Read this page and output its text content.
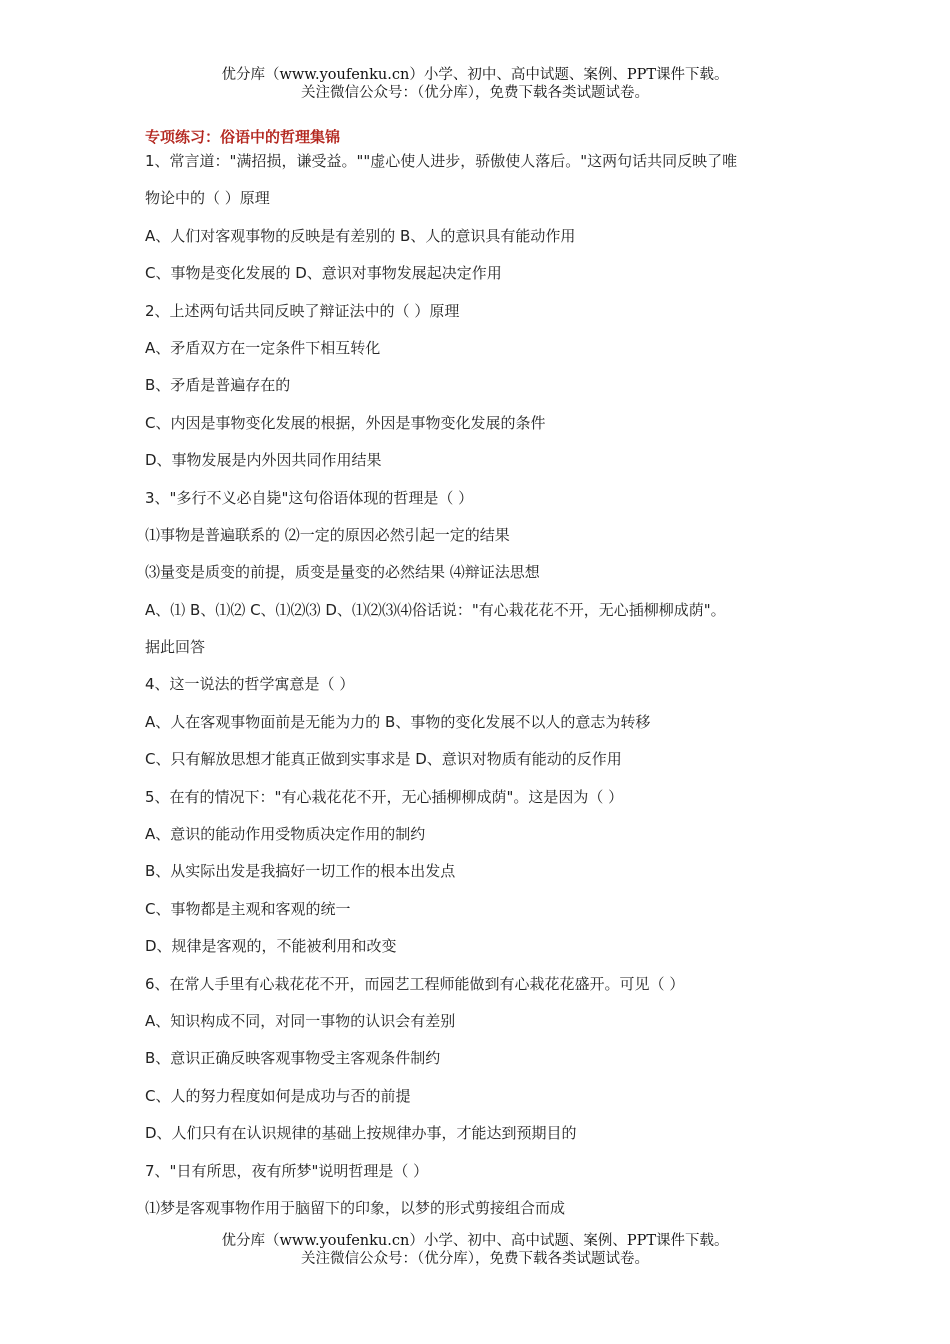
优分库（www.youfenku.cn）小学、初中、高中试题、案例、PPT课件下载。
关注微信公众号：（优分库），免费下载各类试题试卷。
专项练习：俗语中的哲理集锦
1、常言道："满招损，谦受益。""虚心使人进步，骄傲使人落后。"这两句话共同反映了唯
物论中的（ ）原理
A、人们对客观事物的反映是有差别的 B、人的意识具有能动作用
C、事物是变化发展的 D、意识对事物发展起决定作用
2、上述两句话共同反映了辩证法中的（ ）原理
A、矛盾双方在一定条件下相互转化
B、矛盾是普遍存在的
C、内因是事物变化发展的根据，外因是事物变化发展的条件
D、事物发展是内外因共同作用结果
3、"多行不义必自毙"这句俗语体现的哲理是（ ）
⑴事物是普遍联系的 ⑵一定的原因必然引起一定的结果
⑶量变是质变的前提，质变是量变的必然结果 ⑷辩证法思想
A、⑴ B、⑴⑵ C、⑴⑵⑶ D、⑴⑵⑶⑷俗话说："有心栽花花不开，无心插柳柳成荫"。
据此回答
4、这一说法的哲学寓意是（ ）
A、人在客观事物面前是无能为力的 B、事物的变化发展不以人的意志为转移
C、只有解放思想才能真正做到实事求是 D、意识对物质有能动的反作用
5、在有的情况下："有心栽花花不开，无心插柳柳成荫"。这是因为（ ）
A、意识的能动作用受物质决定作用的制约
B、从实际出发是我搞好一切工作的根本出发点
C、事物都是主观和客观的统一
D、规律是客观的，不能被利用和改变
6、在常人手里有心栽花花不开，而园艺工程师能做到有心栽花花盛开。可见（ ）
A、知识构成不同，对同一事物的认识会有差别
B、意识正确反映客观事物受主客观条件制约
C、人的努力程度如何是成功与否的前提
D、人们只有在认识规律的基础上按规律办事，才能达到预期目的
7、"日有所思，夜有所梦"说明哲理是（ ）
⑴梦是客观事物作用于脑留下的印象，以梦的形式剪接组合而成
优分库（www.youfenku.cn）小学、初中、高中试题、案例、PPT课件下载。
关注微信公众号：（优分库），免费下载各类试题试卷。
